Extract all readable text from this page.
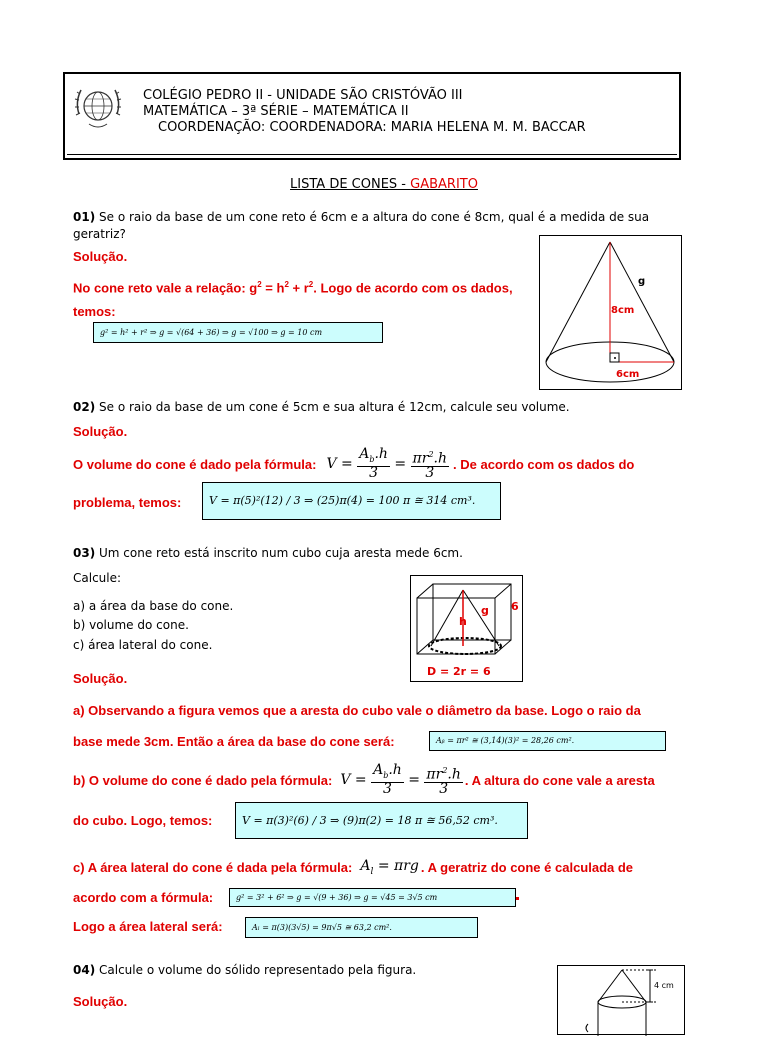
COLÉGIO PEDRO II - UNIDADE SÃO CRISTÓVÃO III
MATEMÁTICA – 3ª SÉRIE – MATEMÁTICA II
COORDENAÇÃO: COORDENADORA: MARIA HELENA M. M. BACCAR
LISTA DE CONES - GABARITO
01) Se o raio da base de um cone reto é 6cm e a altura do cone é 8cm, qual é a medida de sua geratriz?
Solução.
No cone reto vale a relação: $g^2 = h^2 + r^2$. Logo de acordo com os dados, temos:
g² = h² + r² ⇒ g = √(64 + 36) ⇒ g = √100 ⇒ g = 10 cm
g
8cm
6cm
02) Se o raio da base de um cone é 5cm e sua altura é 12cm, calcule seu volume.
Solução.
O volume do cone é dado pela fórmula: $V = \frac{A_b.h}{3} = \frac{\pi r^2.h}{3}$ . De acordo com os dados do
problema, temos:	V = π(5)²(12) / 3 ⇒ (25)π(4) = 100 π ≅ 314 cm³.
03) Um cone reto está inscrito num cubo cuja aresta mede 6cm.
Calcule:
a) a área da base do cone.
b) volume do cone.
c) área lateral do cone.
h
g 6
D = 2r = 6
Solução.
a) Observando a figura vemos que a aresta do cubo vale o diâmetro da base. Logo o raio da
base mede 3cm. Então a área da base do cone será:	Aᵦ = πr² ≅ (3,14)(3)² = 28,26 cm².
b) O volume do cone é dado pela fórmula: $V = \frac{A_b.h}{3} = \frac{\pi r^2.h}{3}$ . A altura do cone vale a aresta
do cubo. Logo, temos:	V = π(3)²(6) / 3 ⇒ (9)π(2) = 18 π ≅ 56,52 cm³.
c) A área lateral do cone é dada pela fórmula: $A_l = \pi rg$ . A geratriz do cone é calculada de
acordo com a fórmula:	g² = 3² + 6² ⇒ g = √(9 + 36) ⇒ g = √45 = 3√5 cm
Logo a área lateral será:	Aₗ = π(3)(3√5) = 9π√5 ≅ 63,2 cm².
04) Calcule o volume do sólido representado pela figura.
Solução.
4 cm
